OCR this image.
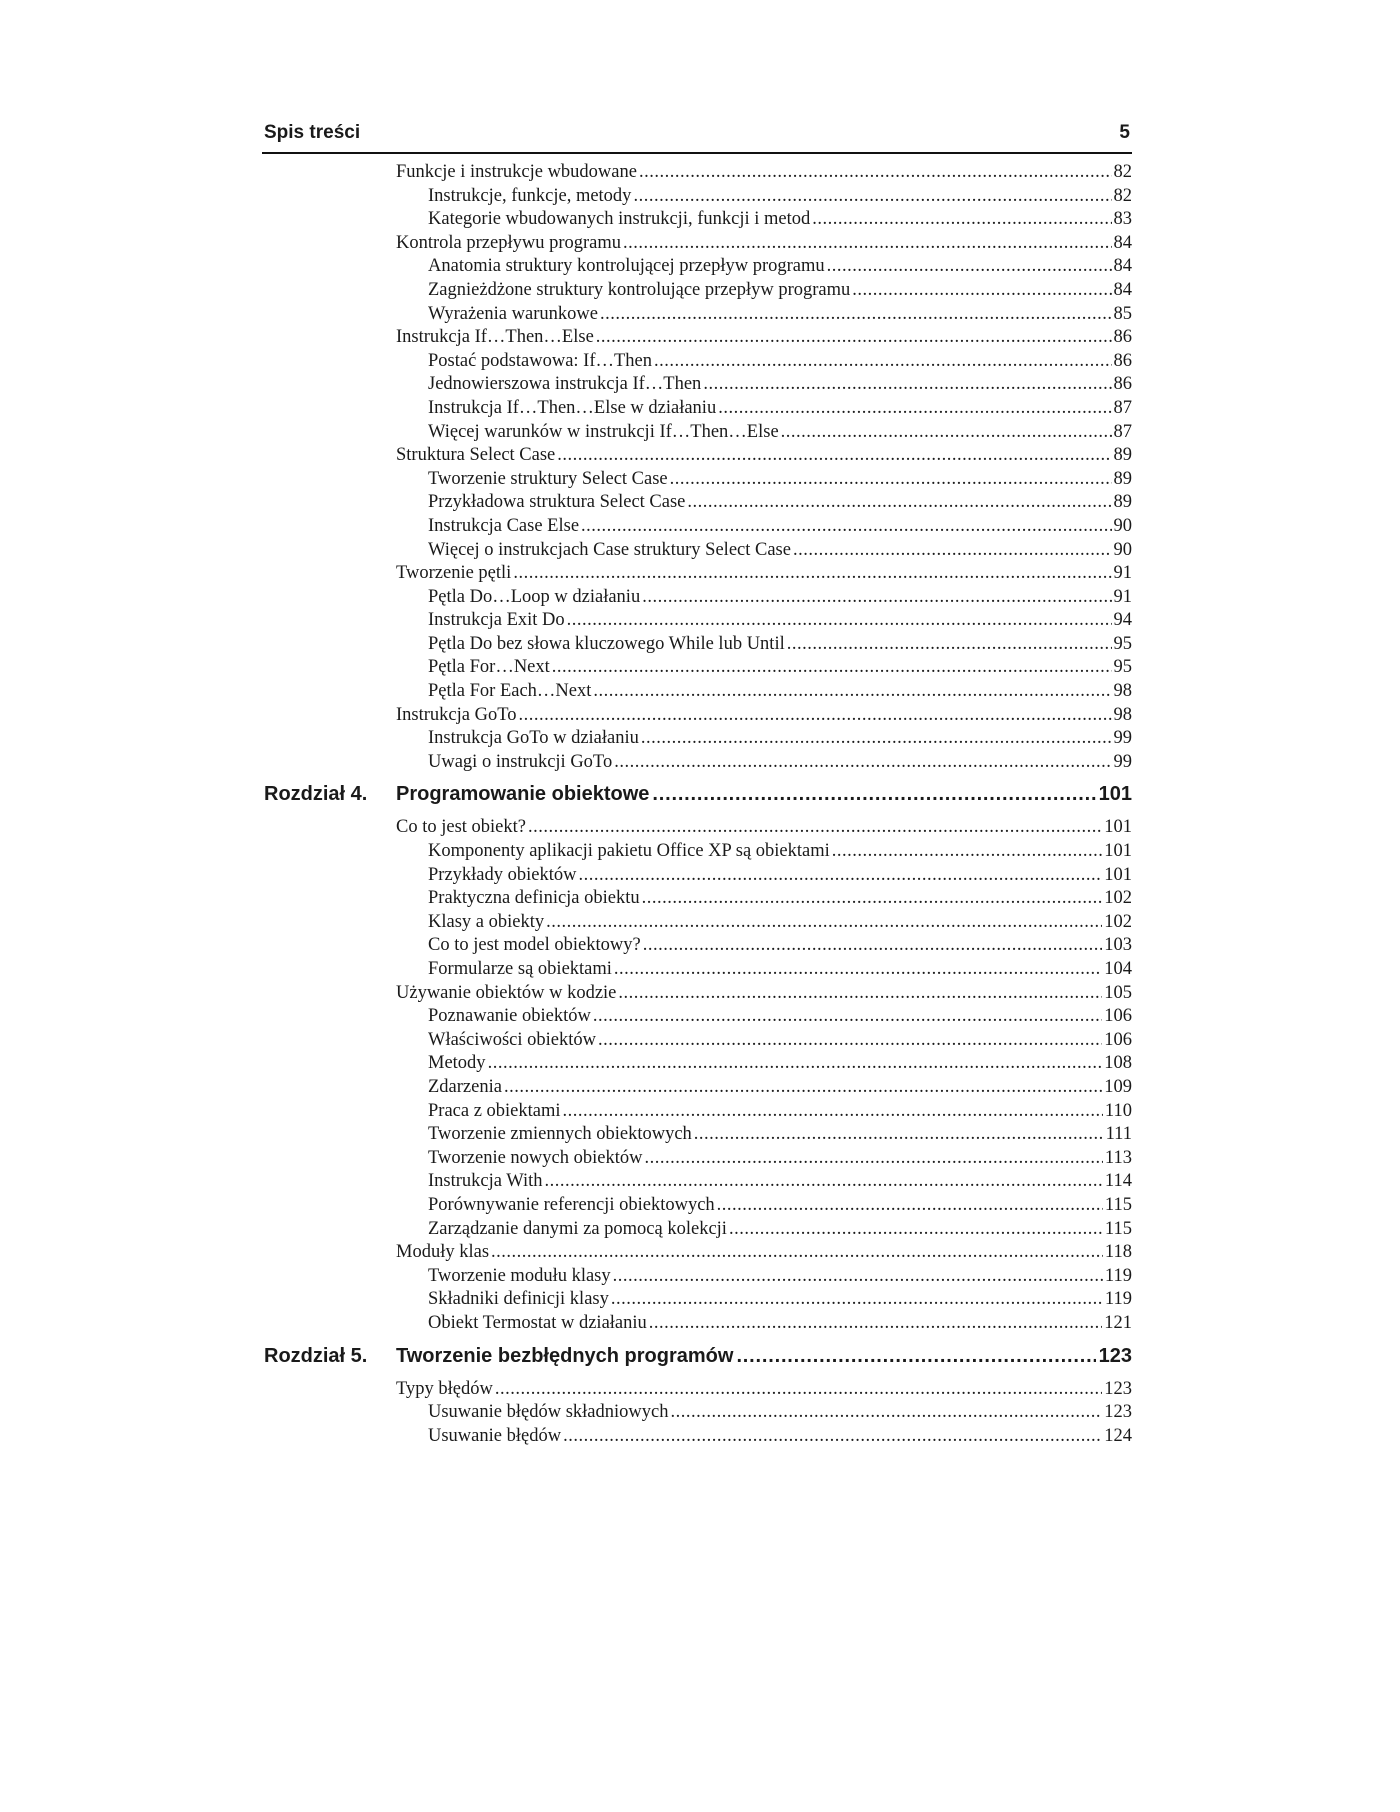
Spis treści	5
Funkcje i instrukcje wbudowane .....	82
Instrukcje, funkcje, metody .....	82
Kategorie wbudowanych instrukcji, funkcji i metod .....	83
Kontrola przepływu programu .....	84
Anatomia struktury kontrolującej przepływ programu .....	84
Zagnieżdżone struktury kontrolujące przepływ programu .....	84
Wyrażenia warunkowe .....	85
Instrukcja If…Then…Else .....	86
Postać podstawowa: If…Then .....	86
Jednowierszowa instrukcja If…Then .....	86
Instrukcja If…Then…Else w działaniu .....	87
Więcej warunków w instrukcji If…Then…Else .....	87
Struktura Select Case .....	89
Tworzenie struktury Select Case .....	89
Przykładowa struktura Select Case .....	89
Instrukcja Case Else .....	90
Więcej o instrukcjach Case struktury Select Case .....	90
Tworzenie pętli .....	91
Pętla Do…Loop w działaniu .....	91
Instrukcja Exit Do .....	94
Pętla Do bez słowa kluczowego While lub Until .....	95
Pętla For…Next .....	95
Pętla For Each…Next .....	98
Instrukcja GoTo .....	98
Instrukcja GoTo w działaniu .....	99
Uwagi o instrukcji GoTo .....	99
Rozdział 4. Programowanie obiektowe .....	101
Co to jest obiekt? .....	101
Komponenty aplikacji pakietu Office XP są obiektami .....	101
Przykłady obiektów .....	101
Praktyczna definicja obiektu .....	102
Klasy a obiekty .....	102
Co to jest model obiektowy? .....	103
Formularze są obiektami .....	104
Używanie obiektów w kodzie .....	105
Poznawanie obiektów .....	106
Właściwości obiektów .....	106
Metody .....	108
Zdarzenia .....	109
Praca z obiektami .....	110
Tworzenie zmiennych obiektowych .....	111
Tworzenie nowych obiektów .....	113
Instrukcja With .....	114
Porównywanie referencji obiektowych .....	115
Zarządzanie danymi za pomocą kolekcji .....	115
Moduły klas .....	118
Tworzenie modułu klasy .....	119
Składniki definicji klasy .....	119
Obiekt Termostat w działaniu .....	121
Rozdział 5. Tworzenie bezbłędnych programów .....	123
Typy błędów .....	123
Usuwanie błędów składniowych .....	123
Usuwanie błędów .....	124
